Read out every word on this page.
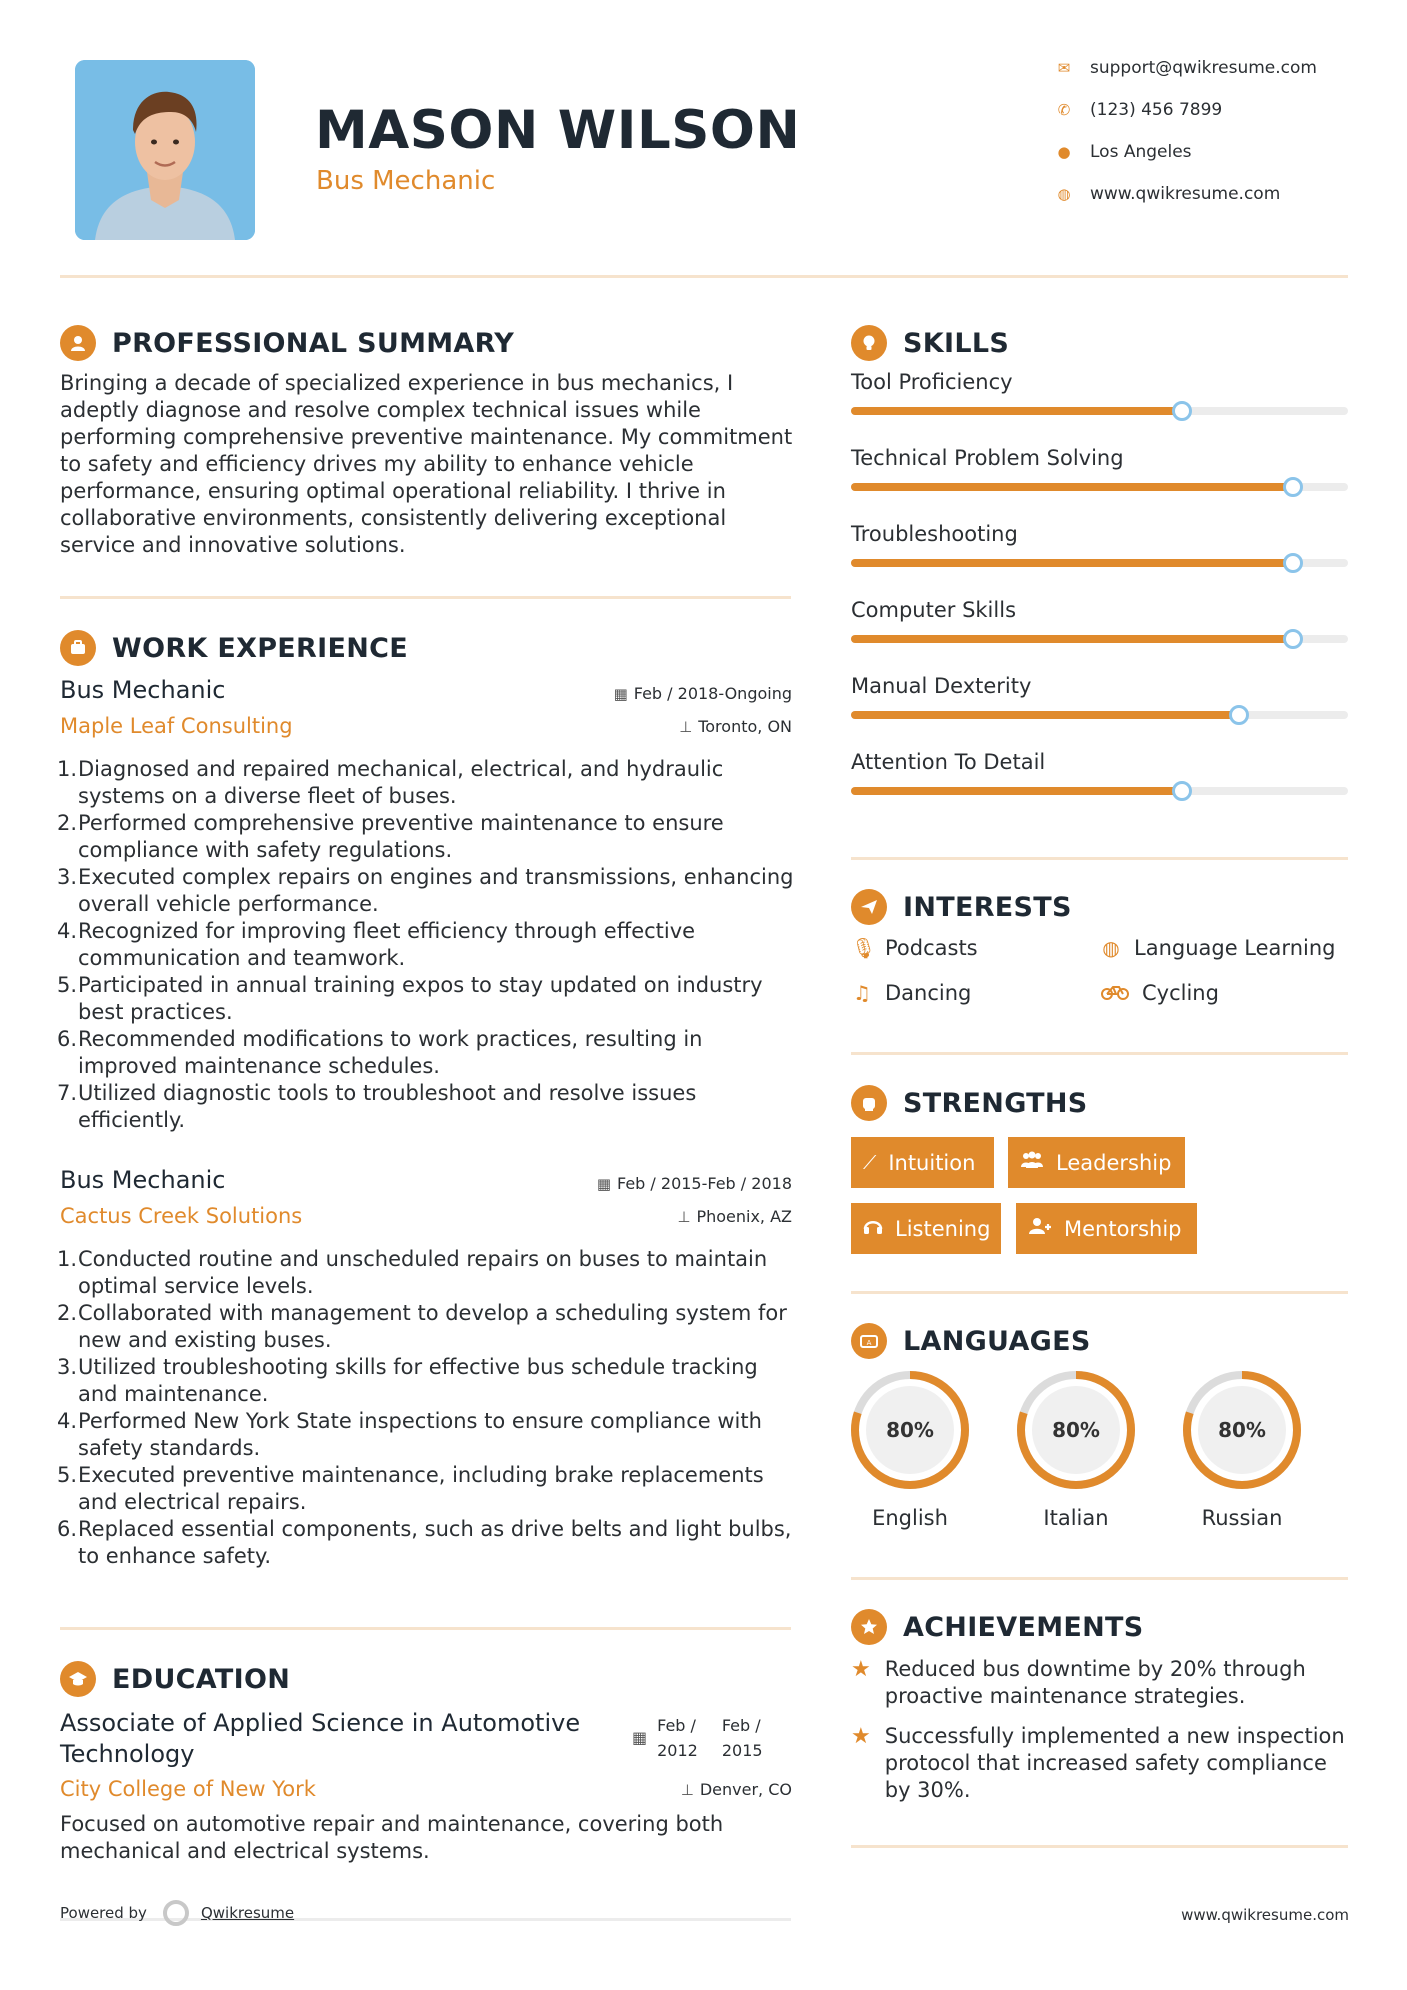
MASON WILSON
Bus Mechanic
✉ support@qwikresume.com
✆ (123) 456 7899
● Los Angeles
◍ www.qwikresume.com
PROFESSIONAL SUMMARY
Bringing a decade of specialized experience in bus mechanics, I adeptly diagnose and resolve complex technical issues while performing comprehensive preventive maintenance. My commitment to safety and efficiency drives my ability to enhance vehicle performance, ensuring optimal operational reliability. I thrive in collaborative environments, consistently delivering exceptional service and innovative solutions.
WORK EXPERIENCE
Bus Mechanic
Maple Leaf Consulting
▦ Feb / 2018-Ongoing
⊥ Toronto, ON
1. Diagnosed and repaired mechanical, electrical, and hydraulic systems on a diverse fleet of buses.
2. Performed comprehensive preventive maintenance to ensure compliance with safety regulations.
3. Executed complex repairs on engines and transmissions, enhancing overall vehicle performance.
4. Recognized for improving fleet efficiency through effective communication and teamwork.
5. Participated in annual training expos to stay updated on industry best practices.
6. Recommended modifications to work practices, resulting in improved maintenance schedules.
7. Utilized diagnostic tools to troubleshoot and resolve issues efficiently.
Bus Mechanic
Cactus Creek Solutions
▦ Feb / 2015-Feb / 2018
⊥ Phoenix, AZ
1. Conducted routine and unscheduled repairs on buses to maintain optimal service levels.
2. Collaborated with management to develop a scheduling system for new and existing buses.
3. Utilized troubleshooting skills for effective bus schedule tracking and maintenance.
4. Performed New York State inspections to ensure compliance with safety standards.
5. Executed preventive maintenance, including brake replacements and electrical repairs.
6. Replaced essential components, such as drive belts and light bulbs, to enhance safety.
EDUCATION
Associate of Applied Science in Automotive
Technology
City College of New York
▦
Feb /
2012
Feb /
2015
⊥ Denver, CO
Focused on automotive repair and maintenance, covering both mechanical and electrical systems.
SKILLS
Tool Proficiency
Technical Problem Solving
Troubleshooting
Computer Skills
Manual Dexterity
Attention To Detail
INTERESTS
🎙 Podcasts	◍ Language Learning
♫ Dancing	Cycling
STRENGTHS
⟋ Intuition	Leadership
Listening	Mentorship
A LANGUAGES
80%
English
80%
Italian
80%
Russian
ACHIEVEMENTS
★ Reduced bus downtime by 20% through proactive maintenance strategies.
★ Successfully implemented a new inspection protocol that increased safety compliance by 30%.
Powered by	Qwikresume	www.qwikresume.com
